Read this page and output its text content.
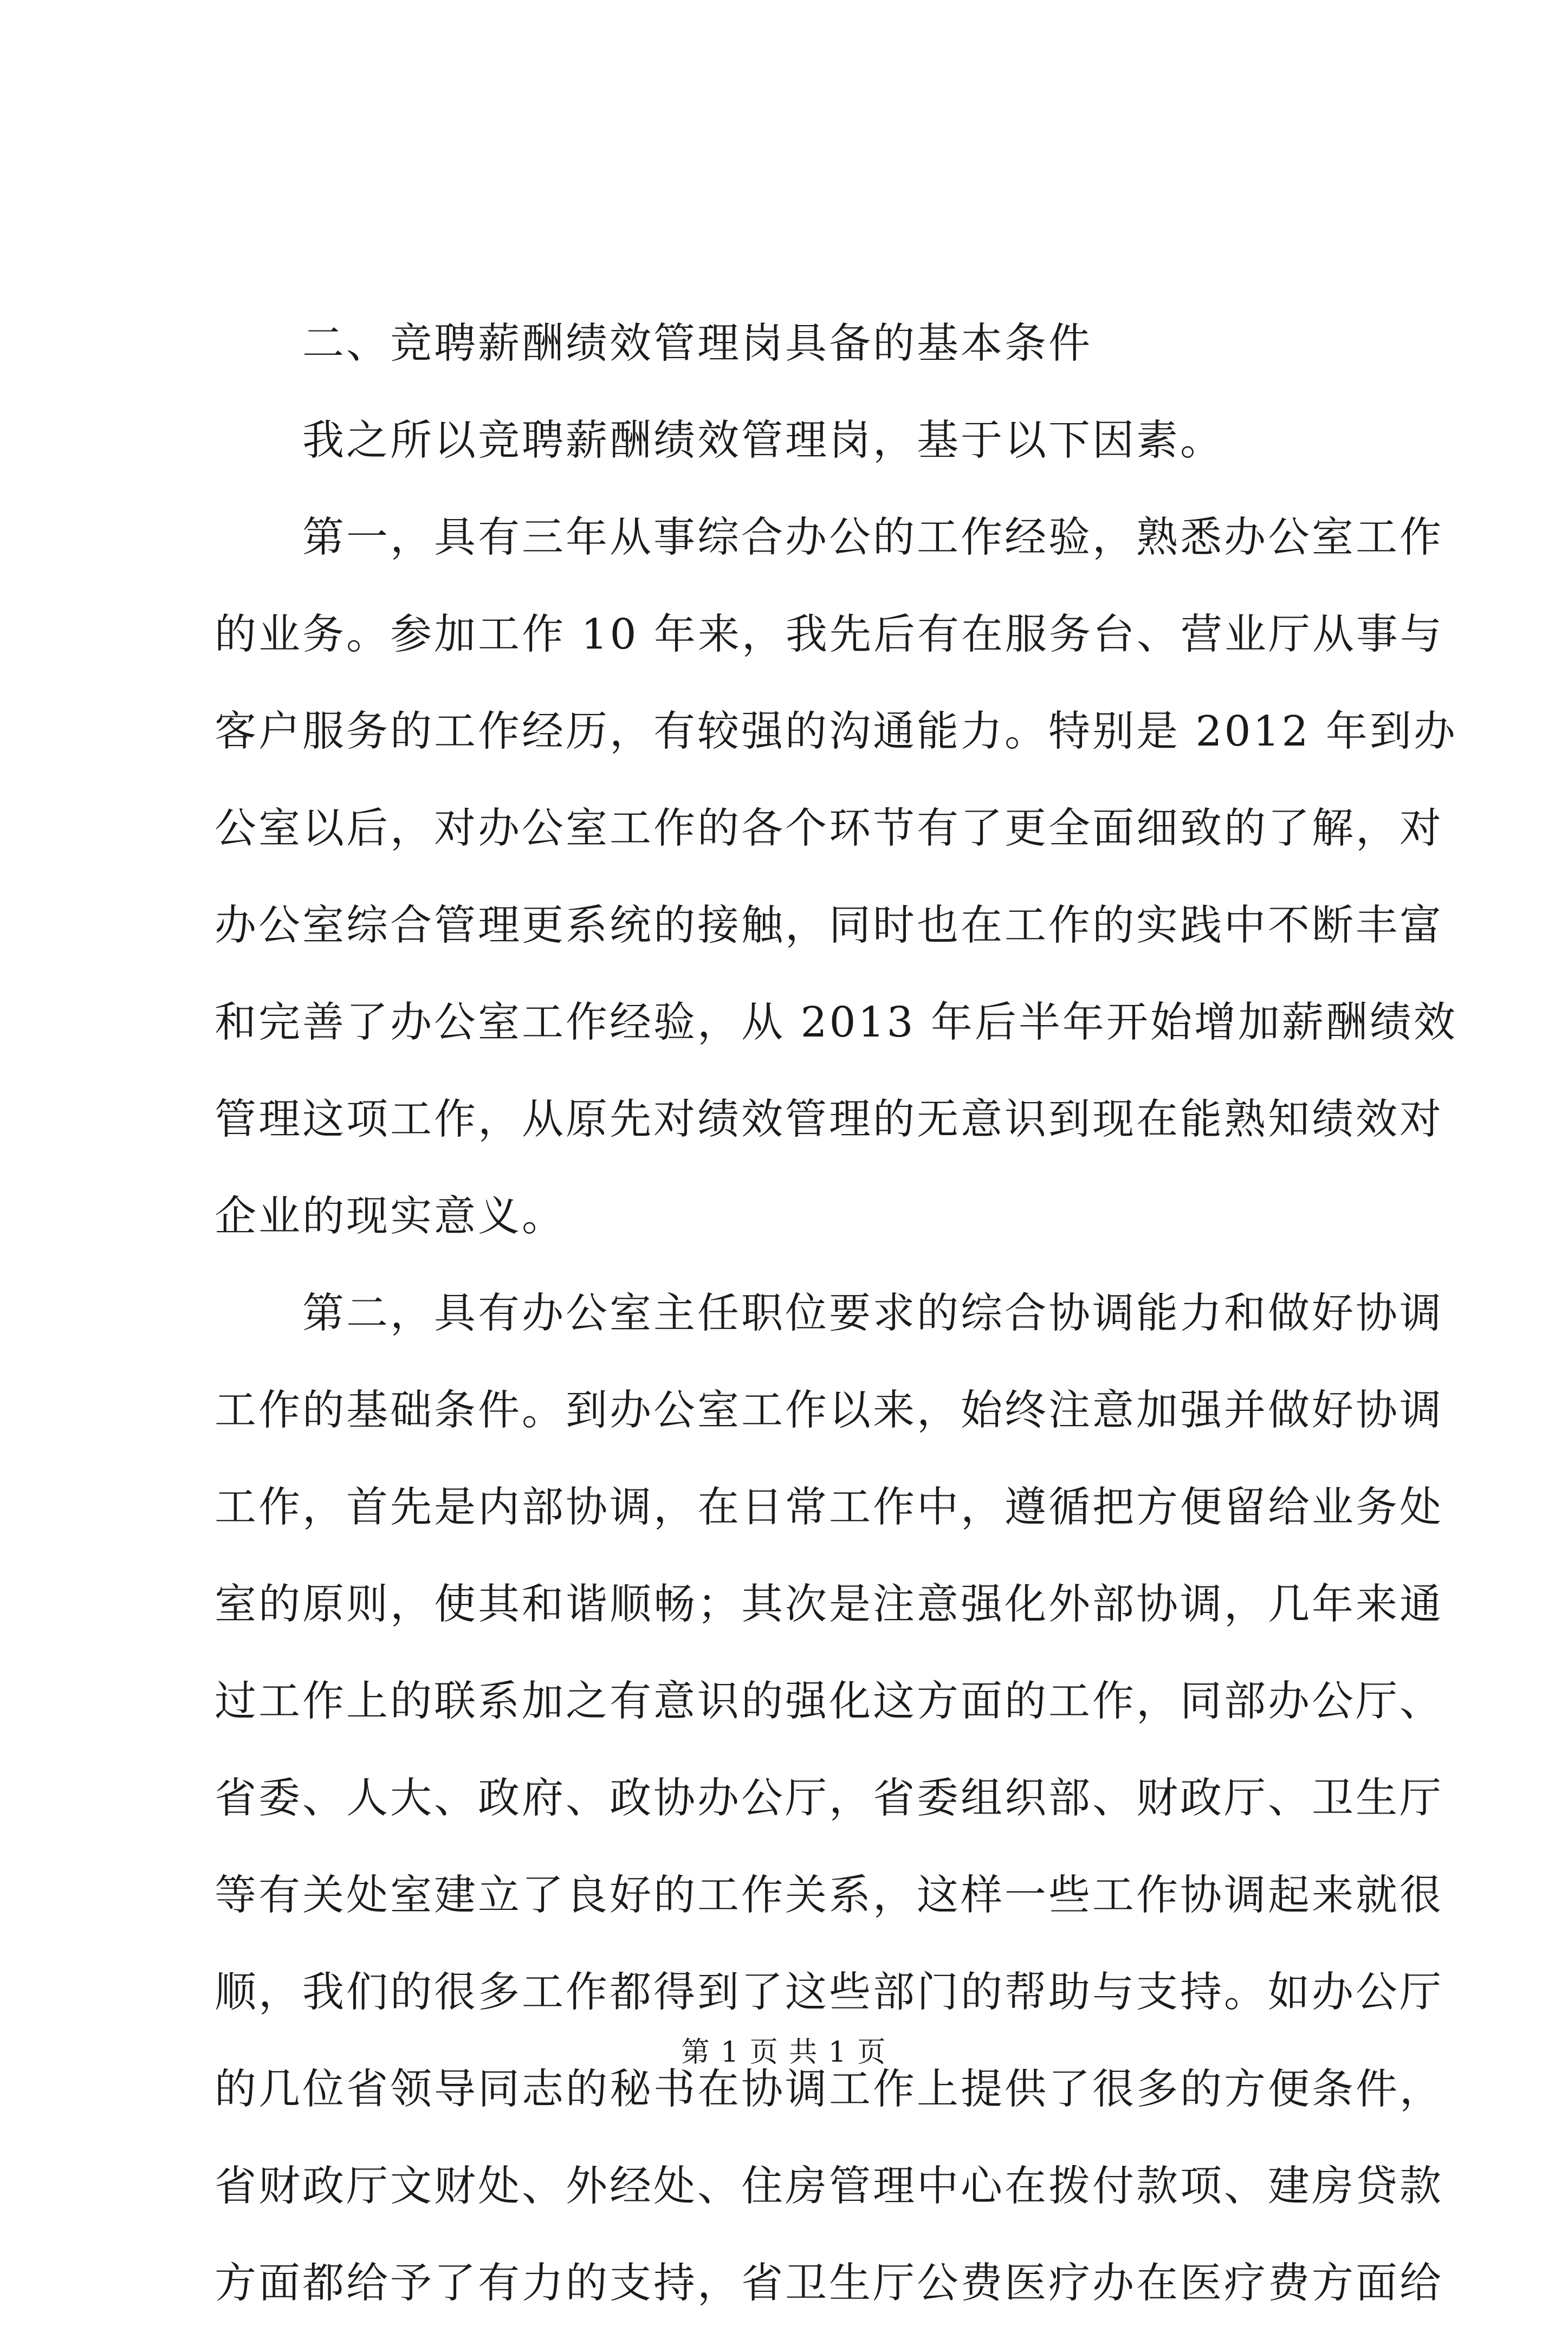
二、竞聘薪酬绩效管理岗具备的基本条件
我之所以竞聘薪酬绩效管理岗，基于以下因素。
第一，具有三年从事综合办公的工作经验，熟悉办公室工作
的业务。参加工作 10 年来，我先后有在服务台、营业厅从事与
客户服务的工作经历，有较强的沟通能力。特别是 2012 年到办
公室以后，对办公室工作的各个环节有了更全面细致的了解，对
办公室综合管理更系统的接触，同时也在工作的实践中不断丰富
和完善了办公室工作经验，从 2013 年后半年开始增加薪酬绩效
管理这项工作，从原先对绩效管理的无意识到现在能熟知绩效对
企业的现实意义。
第二，具有办公室主任职位要求的综合协调能力和做好协调
工作的基础条件。到办公室工作以来，始终注意加强并做好协调
工作，首先是内部协调，在日常工作中，遵循把方便留给业务处
室的原则，使其和谐顺畅；其次是注意强化外部协调，几年来通
过工作上的联系加之有意识的强化这方面的工作，同部办公厅、
省委、人大、政府、政协办公厅，省委组织部、财政厅、卫生厅
等有关处室建立了良好的工作关系，这样一些工作协调起来就很
顺，我们的很多工作都得到了这些部门的帮助与支持。如办公厅
的几位省领导同志的秘书在协调工作上提供了很多的方便条件，
省财政厅文财处、外经处、住房管理中心在拨付款项、建房贷款
方面都给予了有力的支持，省卫生厅公费医疗办在医疗费方面给
第 1 页 共 1 页
